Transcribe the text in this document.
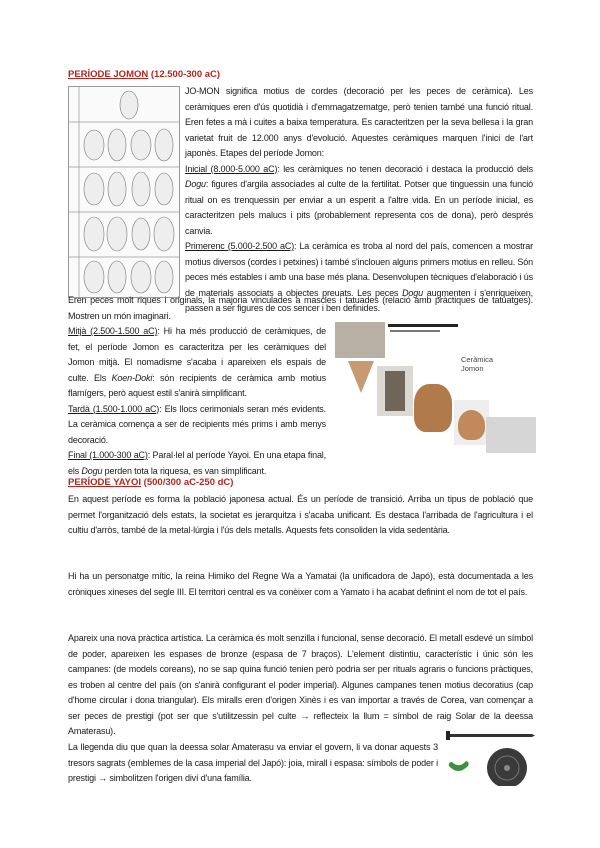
PERÍODE JOMON (12.500-300 aC)

JO-MON significa motius de cordes (decoració per les peces de ceràmica). Les ceràmiques eren d'ús quotidià i d'emmagatzematge, però tenien també una funció ritual. Eren fetes a mà i cuites a baixa temperatura. Es caracteritzen per la seva bellesa i la gran varietat fruit de 12.000 anys d'evolució. Aquestes ceràmiques marquen l'inici de l'art japonès. Etapes del període Jomon:

Inicial (8.000-5.000 aC): les ceràmiques no tenen decoració i destaca la producció dels Dogu: figures d'argila associades al culte de la fertilitat. Potser que tinguessin una funció ritual on es trenquessin per enviar a un esperit a l'altre vida. En un període inicial, es caracteritzen pels malucs i pits (probablement representa cos de dona), però després canvia.

Primerenc (5.000-2.500 aC): La ceràmica es troba al nord del país, comencen a mostrar motius diversos (cordes i petxines) i també s'inclouen alguns primers motius en relleu. Són peces més estables i amb una base més plana. Desenvolupen tècniques d'elaboració i ús de materials associats a objectes preuats. Les peces Dogu augmenten i s'enriqueixen, passen a ser figures de cos sencer i ben definides.

Eren peces molt riques i originals, la majoria vinculades a mascles i tatuades (relació amb pràctiques de tatuatges). Mostren un món imaginari.

Mitjà (2.500-1.500 aC): Hi ha més producció de ceràmiques, de fet, el període Jomon es caracteritza per les ceràmiques del Jomon mitjà. El nomadisme s'acaba i apareixen els espais de culte. Els Koen-Doki: són recipients de ceràmica amb motius flamígers, però aquest estil s'anirà simplificant.

Tardà (1.500-1.000 aC): Els llocs cerimonials seran més evidents. La ceràmica comença a ser de recipients més prims i amb menys decoració.

Final (1.000-300 aC): Paral·lel al període Yayoi. En una etapa final, els Dogu perden tota la riquesa, es van simplificant.

Ceràmica Jomon
PERÍODE YAYOI (500/300 aC-250 dC)

En aquest període es forma la població japonesa actual. És un període de transició. Arriba un tipus de població que permet l'organització dels estats, la societat es jerarquitza i s'acaba unificant. Es destaca l'arribada de l'agricultura i el cultiu d'arròs, també de la metal·lúrgia i l'ús dels metalls. Aquests fets consoliden la vida sedentària.

Hi ha un personatge mític, la reina Himiko del Regne Wa a Yamatai (la unificadora de Japó), està documentada a les cròniques xineses del segle III. El territori central es va conèixer com a Yamato i ha acabat definint el nom de tot el país.

Apareix una nova pràctica artística. La ceràmica és molt senzilla i funcional, sense decoració. El metall esdevé un símbol de poder, apareixen les espases de bronze (espasa de 7 braços). L'element distintiu, característic i únic són les campanes: (de models coreans), no se sap quina funció tenien però podria ser per rituals agraris o funcions pràctiques, es troben al centre del país (on s'anirà configurant el poder imperial). Algunes campanes tenen motius decoratius (cap d'home circular i dona triangular). Els miralls eren d'origen Xinès i es van importar a través de Corea, van començar a ser peces de prestigi (pot ser que s'utilitzessin pel culte → reflecteix la llum = símbol de raig Solar de la deessa Amaterasu).

La llegenda diu que quan la deessa solar Amaterasu va enviar el govern, li va donar aquests 3 tresors sagrats (emblemes de la casa imperial del Japó): joia, mirall i espasa: símbols de poder i prestigi → simbolitzen l'origen diví d'una família.
